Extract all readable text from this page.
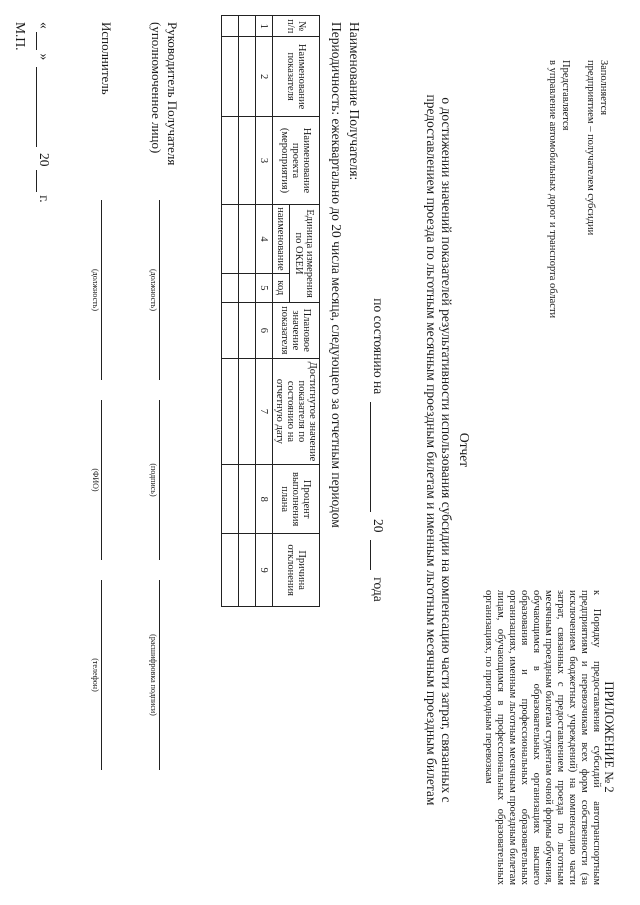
Заполняется
предприятием – получателем субсидии
Представляется
в управление автомобильных дорог и транспорта области
ПРИЛОЖЕНИЕ № 2
к Порядку предоставления субсидий автотранспортным предприятиям и перевозчикам всех форм собственности (за исключением бюджетных учреждений) на компенсацию части затрат, связанных с предоставлением проезда по льготным месячным проездным билетам студентам очной формы обучения, обучающимся в образовательных организациях высшего образования и профессиональных образовательных организациях, именным льготным месячным проездным билетам лицам, обучающимся в профессиональных образовательных организациях, по пригородным перевозкам
Отчет
о достижении значений показателей результативности использования субсидии на компенсацию части затрат, связанных с предоставлением проезда по льготным месячным проездным билетам и именным льготным месячным проездным билетам
по состоянию на  20  года
Наименование Получателя:
Периодичность: ежеквартально до 20 числа месяца, следующего за отчетным периодом
№ п/п	Наименование показателя	Наименование проекта (мероприятия)	Единица измерения по ОКЕИ		Плановое значение показателя	Достигнутое значение показателя по состоянию на отчетную дату	Процент выполнения плана	Причина отклонения
			наименование	код				
1	2	3	4	5	6	7	8	9

Руководитель Получателя
(уполномоченное лицо)
(должность)
(подпись)
(расшифровка подписи)
Исполнитель
(должность)
(ФИО)
(телефон)
«  »  20  г.
М.П.
